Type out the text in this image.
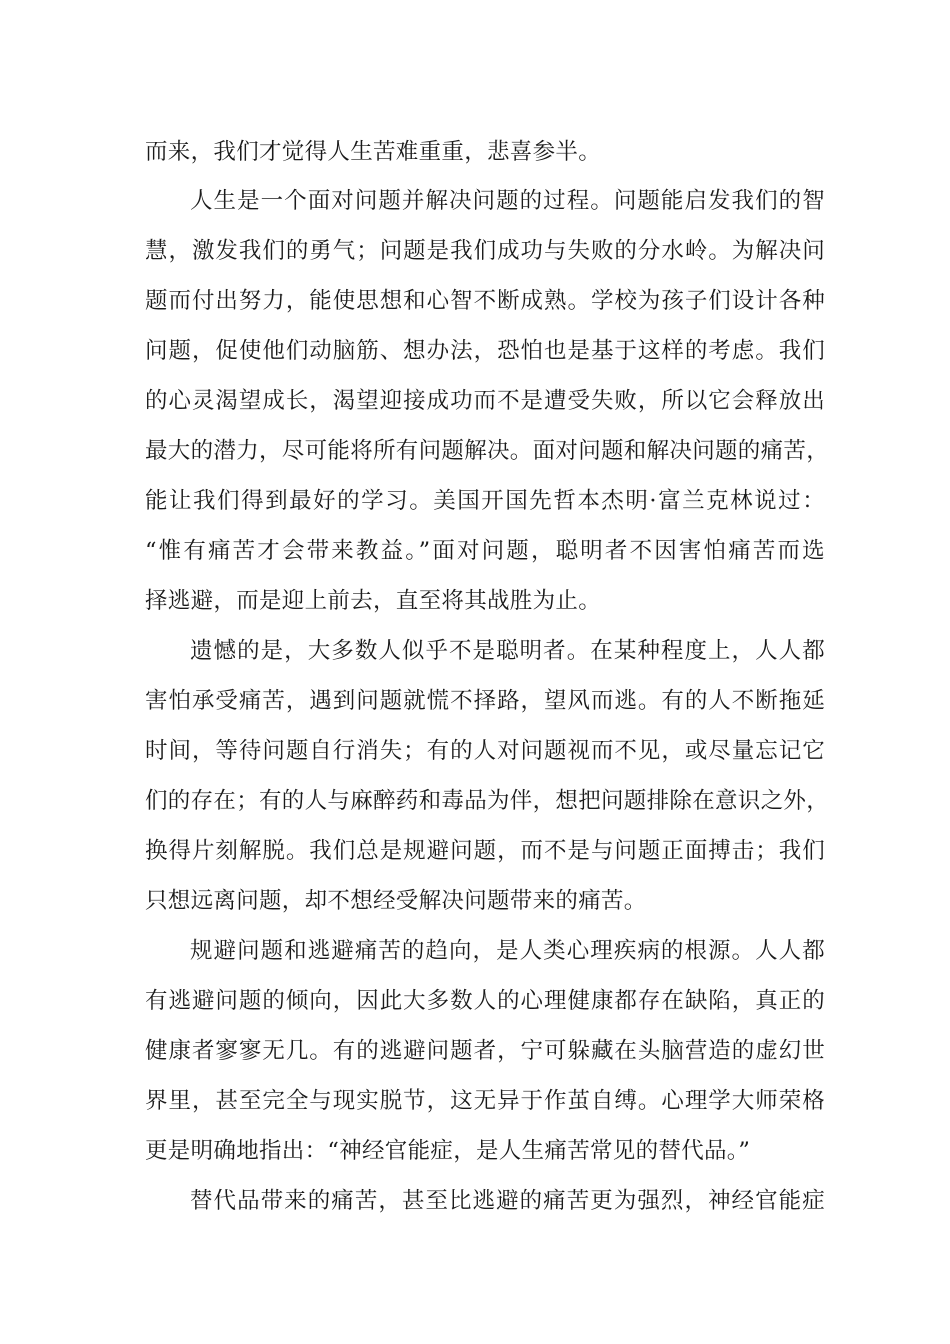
而来，我们才觉得人生苦难重重，悲喜参半。
人生是一个面对问题并解决问题的过程。问题能启发我们的智
慧，激发我们的勇气；问题是我们成功与失败的分水岭。为解决问
题而付出努力，能使思想和心智不断成熟。学校为孩子们设计各种
问题，促使他们动脑筋、想办法，恐怕也是基于这样的考虑。我们
的心灵渴望成长，渴望迎接成功而不是遭受失败，所以它会释放出
最大的潜力，尽可能将所有问题解决。面对问题和解决问题的痛苦，
能让我们得到最好的学习。美国开国先哲本杰明·富兰克林说过：
“惟有痛苦才会带来教益。”面对问题，聪明者不因害怕痛苦而选
择逃避，而是迎上前去，直至将其战胜为止。
遗憾的是，大多数人似乎不是聪明者。在某种程度上，人人都
害怕承受痛苦，遇到问题就慌不择路，望风而逃。有的人不断拖延
时间，等待问题自行消失；有的人对问题视而不见，或尽量忘记它
们的存在；有的人与麻醉药和毒品为伴，想把问题排除在意识之外，
换得片刻解脱。我们总是规避问题，而不是与问题正面搏击；我们
只想远离问题，却不想经受解决问题带来的痛苦。
规避问题和逃避痛苦的趋向，是人类心理疾病的根源。人人都
有逃避问题的倾向，因此大多数人的心理健康都存在缺陷，真正的
健康者寥寥无几。有的逃避问题者，宁可躲藏在头脑营造的虚幻世
界里，甚至完全与现实脱节，这无异于作茧自缚。心理学大师荣格
更是明确地指出：“神经官能症，是人生痛苦常见的替代品。”
替代品带来的痛苦，甚至比逃避的痛苦更为强烈，神经官能症
